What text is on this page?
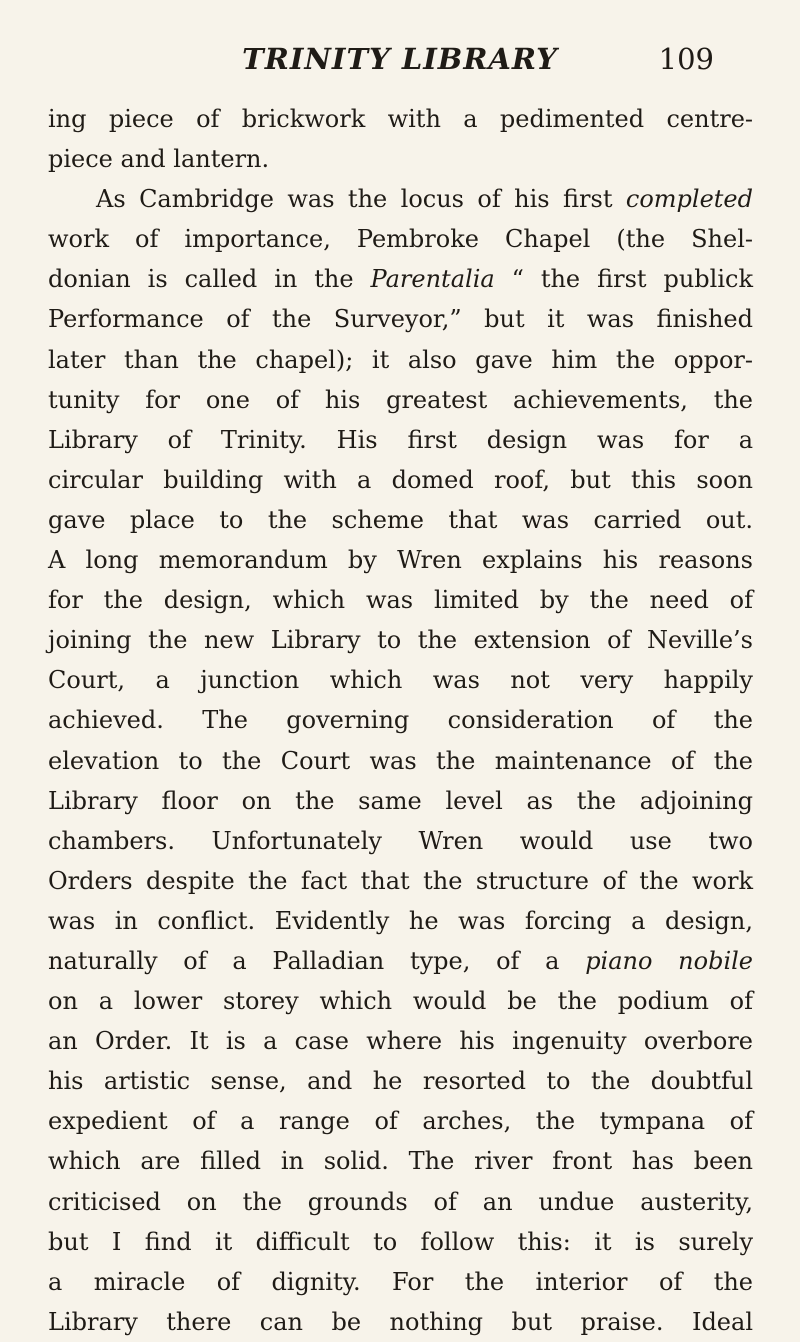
TRINITY LIBRARY	109
ing piece of brickwork with a pedimented centre-
piece and lantern.
As Cambridge was the locus of his first completed
work of importance, Pembroke Chapel (the Shel-
donian is called in the Parentalia “ the first publick
Performance of the Surveyor,” but it was finished
later than the chapel); it also gave him the oppor-
tunity for one of his greatest achievements, the
Library of Trinity. His first design was for a
circular building with a domed roof, but this soon
gave place to the scheme that was carried out.
A long memorandum by Wren explains his reasons
for the design, which was limited by the need of
joining the new Library to the extension of Neville’s
Court, a junction which was not very happily
achieved. The governing consideration of the
elevation to the Court was the maintenance of the
Library floor on the same level as the adjoining
chambers. Unfortunately Wren would use two
Orders despite the fact that the structure of the work
was in conflict. Evidently he was forcing a design,
naturally of a Palladian type, of a piano nobile
on a lower storey which would be the podium of
an Order. It is a case where his ingenuity overbore
his artistic sense, and he resorted to the doubtful
expedient of a range of arches, the tympana of
which are filled in solid. The river front has been
criticised on the grounds of an undue austerity,
but I find it difficult to follow this: it is surely
a miracle of dignity. For the interior of the
Library there can be nothing but praise. Ideal
